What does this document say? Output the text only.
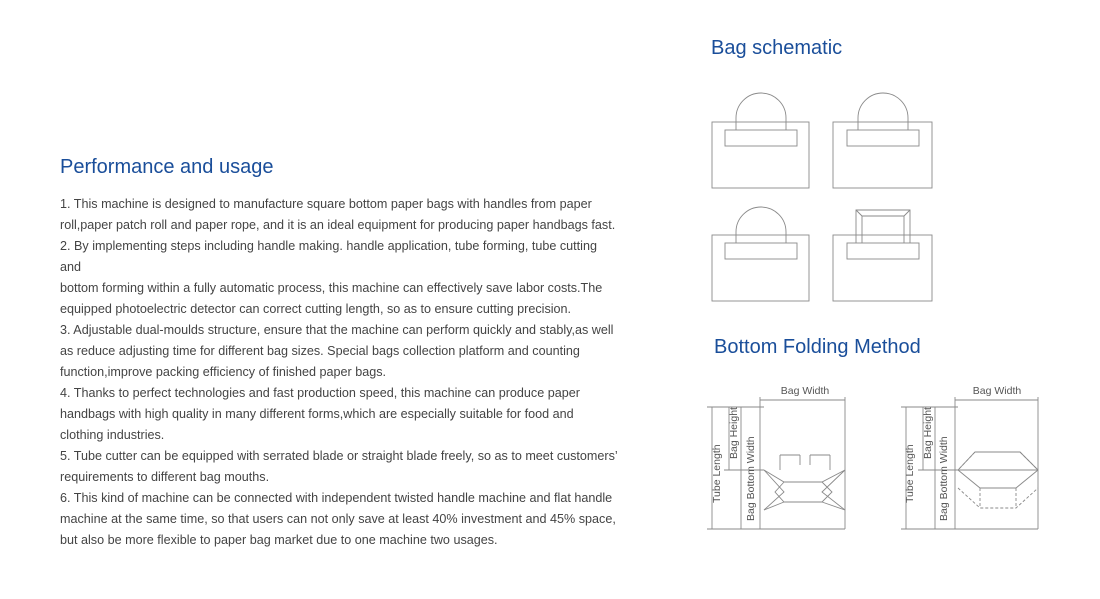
Bag schematic
Performance and usage

1. This machine is designed to manufacture square bottom paper bags with handles from paper

roll,paper patch roll and paper rope, and it is an ideal equipment for producing paper handbags fast.

2. By implementing steps including handle making. handle application, tube forming, tube cutting and

bottom forming within a fully automatic process, this machine can effectively save labor costs.The

equipped photoelectric detector can correct cutting length, so as to ensure cutting precision.

3. Adjustable dual-moulds structure, ensure that the machine can perform quickly and stably,as well

as reduce adjusting time for different bag sizes. Special bags collection platform and counting

function,improve packing efficiency of finished paper bags.

4. Thanks to perfect technologies and fast production speed, this machine can produce paper

handbags with high quality in many different forms,which are especially suitable for food and

clothing industries.

5. Tube cutter can be equipped with serrated blade or straight blade freely, so as to meet customers’

requirements to different bag mouths.

6. This kind of machine can be connected with independent twisted handle machine and flat handle

machine at the same time, so that users can not only save at least 40% investment and 45% space,

but also be more flexible to paper bag market due to one machine two usages.

Bottom Folding Method
Bag Width
Tube Length
Bag Height
Bag Bottom Width
Bag Width
Tube Length
Bag Height
Bag Bottom Width
